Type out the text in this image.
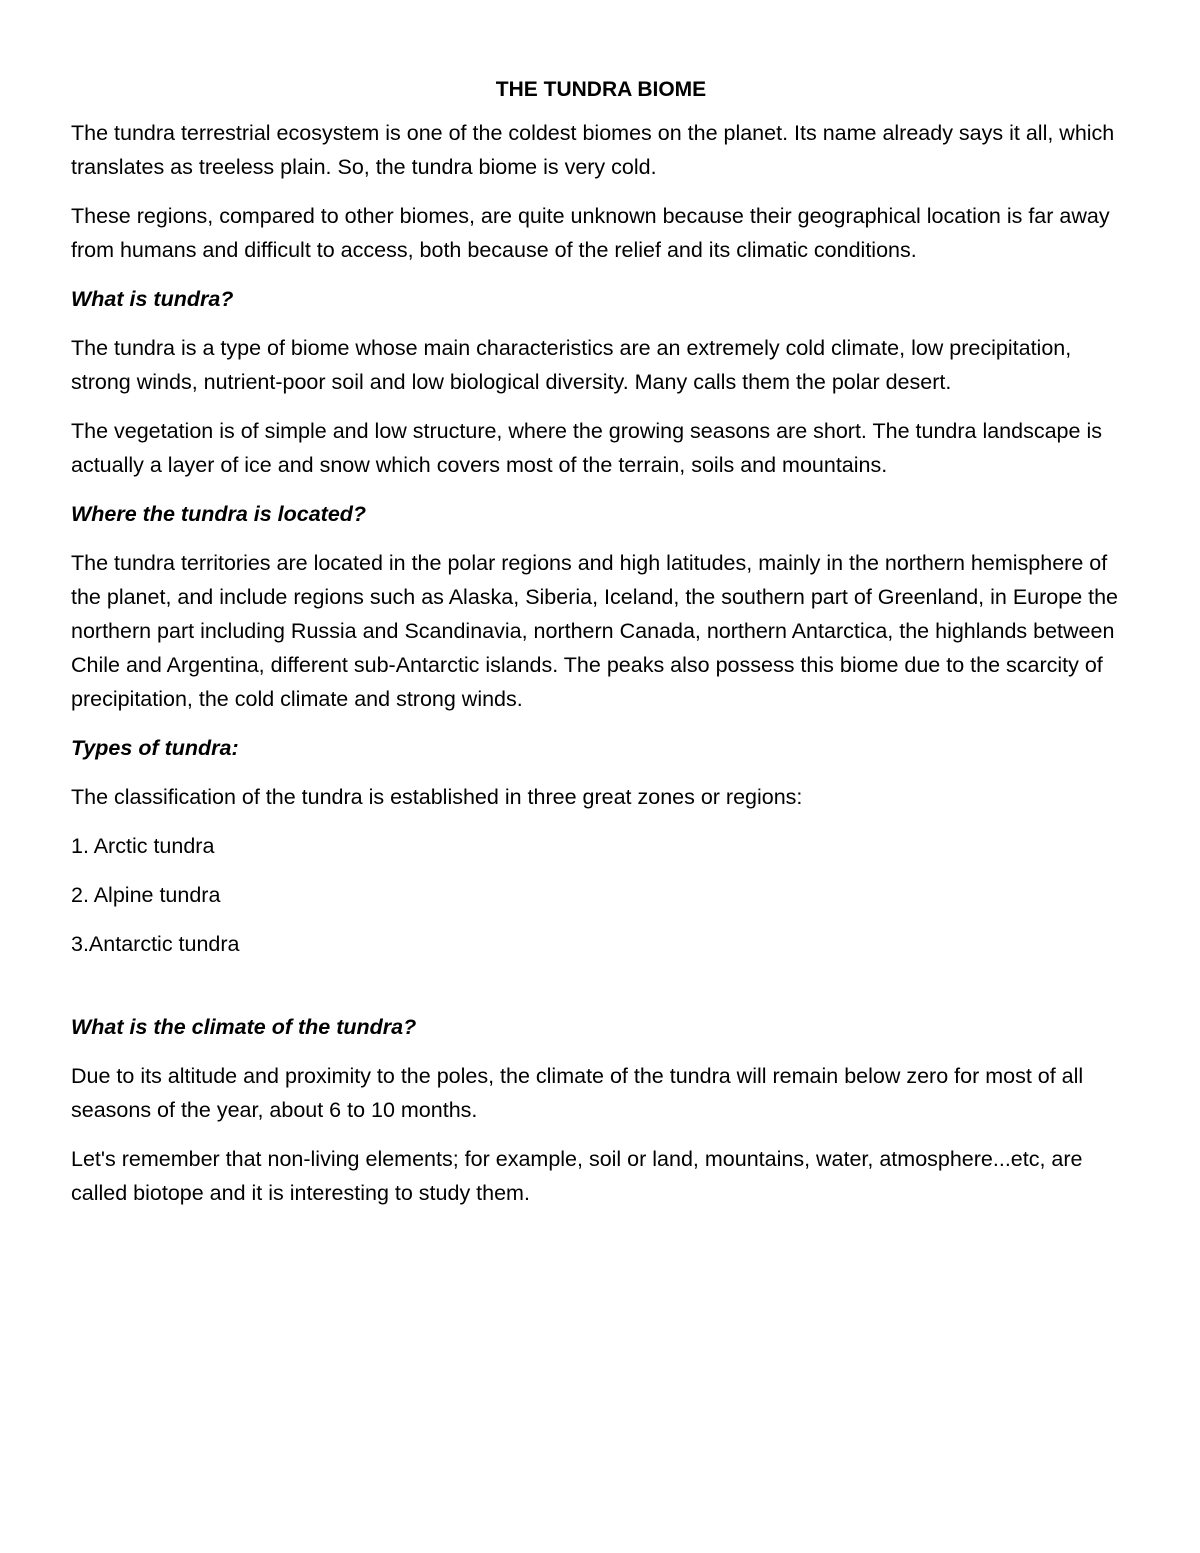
THE TUNDRA BIOME

The tundra terrestrial ecosystem is one of the coldest biomes on the planet. Its name already says it all, which translates as treeless plain. So, the tundra biome is very cold.

These regions, compared to other biomes, are quite unknown because their geographical location is far away from humans and difficult to access, both because of the relief and its climatic conditions.

What is tundra?

The tundra is a type of biome whose main characteristics are an extremely cold climate, low precipitation, strong winds, nutrient-poor soil and low biological diversity. Many calls them the polar desert.

The vegetation is of simple and low structure, where the growing seasons are short. The tundra landscape is actually a layer of ice and snow which covers most of the terrain, soils and mountains.

Where the tundra is located?

The tundra territories are located in the polar regions and high latitudes, mainly in the northern hemisphere of the planet, and include regions such as Alaska, Siberia, Iceland, the southern part of Greenland, in Europe the northern part including Russia and Scandinavia, northern Canada, northern Antarctica, the highlands between Chile and Argentina, different sub-Antarctic islands. The peaks also possess this biome due to the scarcity of precipitation, the cold climate and strong winds.

Types of tundra:

The classification of the tundra is established in three great zones or regions:

1. Arctic tundra

2. Alpine tundra

3.Antarctic tundra

What is the climate of the tundra?

Due to its altitude and proximity to the poles, the climate of the tundra will remain below zero for most of all seasons of the year, about 6 to 10 months.

Let's remember that non-living elements; for example, soil or land, mountains, water, atmosphere...etc, are called biotope and it is interesting to study them.
